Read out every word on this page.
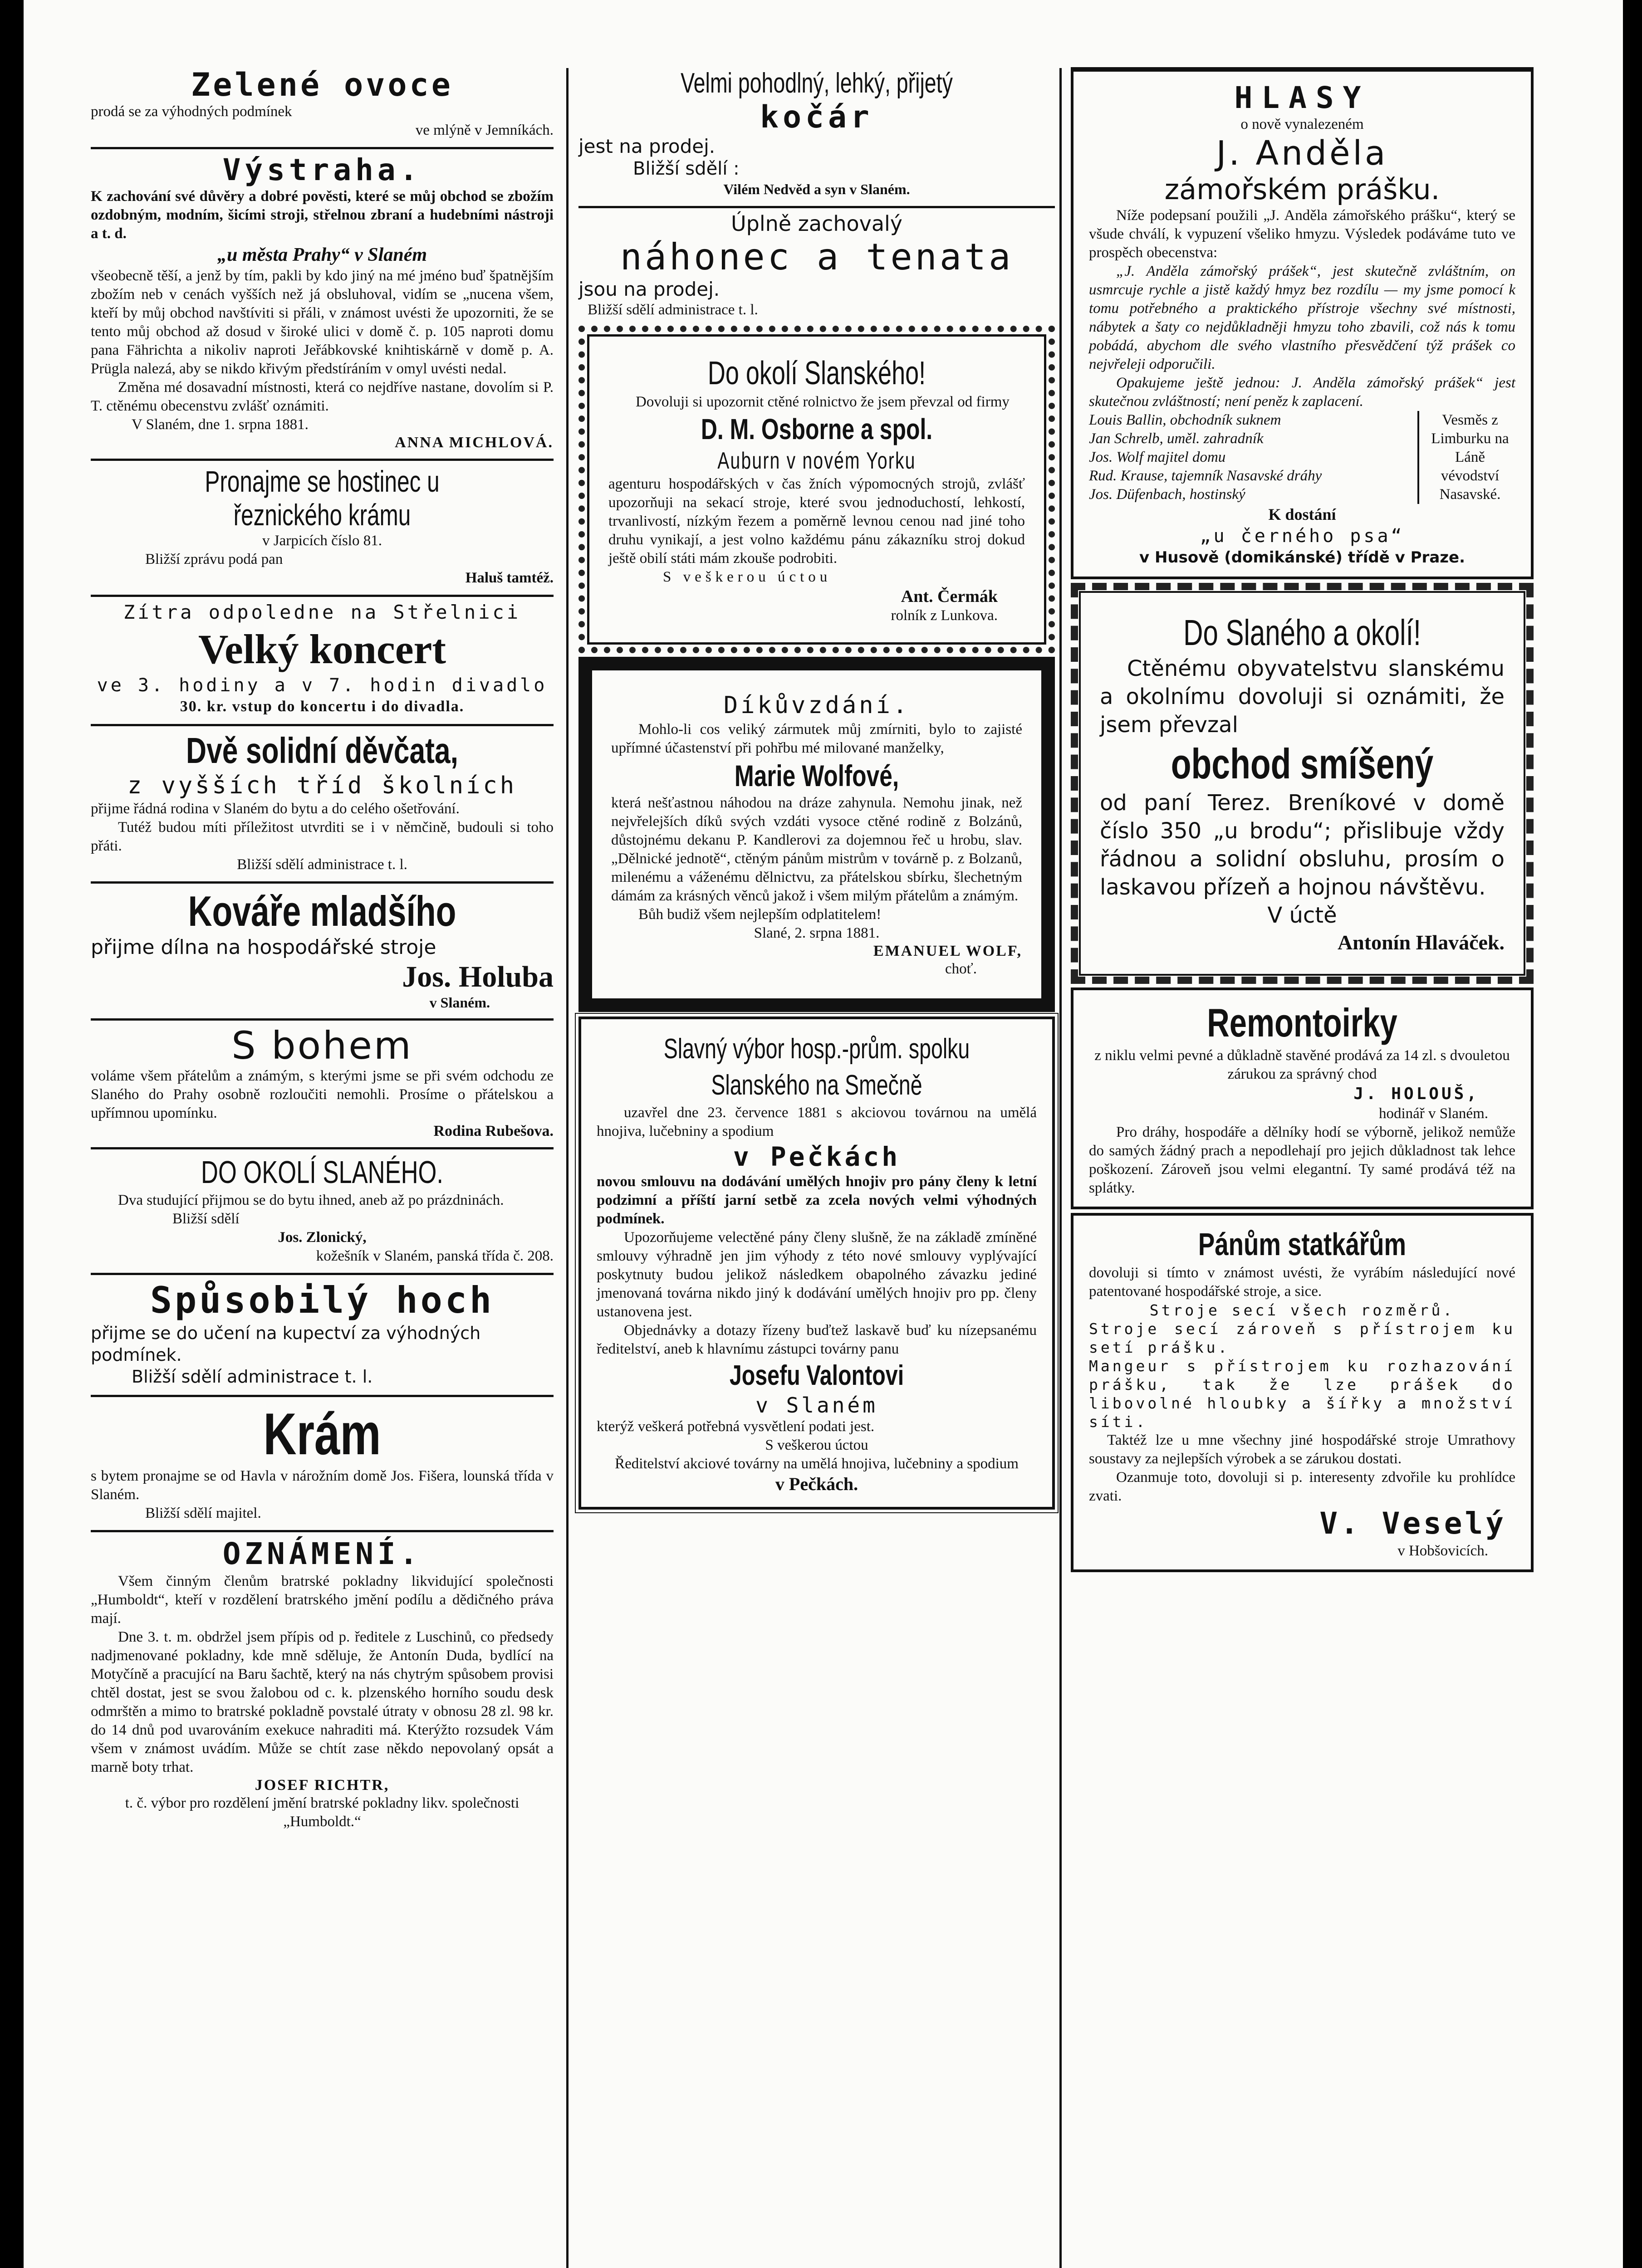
Zelené ovoce

prodá se za výhodných podmínek

ve mlýně v Jemníkách.

Výstraha.

K zachování své důvěry a dobré pověsti, které se můj obchod se zbožím ozdobným, modním, šicími stroji, střelnou zbraní a hudebními nástroji a t. d.

„u města Prahy“ v Slaném

všeobecně těší, a jenž by tím, pakli by kdo jiný na mé jméno buď špatnějším zbožím neb v cenách vyšších než já obsluhoval, vidím se „nucena všem, kteří by můj obchod navštíviti si přáli, v známost uvésti že upozorniti, že se tento můj obchod až dosud v široké ulici v domě č. p. 105 naproti domu pana Fährichta a nikoliv naproti Jeřábkovské knihtiskárně v domě p. A. Prügla nalezá, aby se nikdo křivým předstíráním v omyl uvésti nedal.

Změna mé dosavadní místnosti, která co nejdříve nastane, dovolím si P. T. ctěnému obecenstvu zvlášť oznámiti.

V Slaném, dne 1. srpna 1881.

ANNA MICHLOVÁ.

Pronajme se hostinec u řeznického krámu

v Jarpicích číslo 81.

Bližší zprávu podá pan

Haluš tamtéž.

Zítra odpoledne na Střelnici

Velký koncert

ve 3. hodiny a v 7. hodin divadlo

30. kr. vstup do koncertu i do divadla.

Dvě solidní děvčata,

z vyšších tříd školních

přijme řádná rodina v Slaném do bytu a do celého ošetřování.

Tutéž budou míti příležitost utvrditi se i v němčině, budouli si toho přáti.

Bližší sdělí administrace t. l.

Kováře mladšího

přijme dílna na hospodářské stroje

Jos. Holuba

v Slaném.

S bohem

voláme všem přátelům a známým, s kterými jsme se při svém odchodu ze Slaného do Prahy osobně rozloučiti nemohli. Prosíme o přátelskou a upřímnou upomínku.

Rodina Rubešova.

DO OKOLÍ SLANÉHO.

Dva studující přijmou se do bytu ihned, aneb až po prázdninách.

Bližší sdělí

Jos. Zlonický,

kožešník v Slaném, panská třída č. 208.

Spůsobilý hoch

přijme se do učení na kupectví za výhodných podmínek.

Bližší sdělí administrace t. l.

Krám

s bytem pronajme se od Havla v nárožním domě Jos. Fišera, lounská třída v Slaném.

Bližší sdělí majitel.

OZNÁMENÍ.

Všem činným členům bratrské pokladny likvidující společnosti „Humboldt“, kteří v rozdělení bratrského jmění podílu a dědičného práva mají.

Dne 3. t. m. obdržel jsem přípis od p. ředitele z Luschinů, co předsedy nadjmenované pokladny, kde mně sděluje, že Antonín Duda, bydlící na Motyčíně a pracující na Baru šachtě, který na nás chytrým spůsobem provisi chtěl dostat, jest se svou žalobou od c. k. plzenského horního soudu desk odmrštěn a mimo to bratrské pokladně povstalé útraty v obnosu 28 zl. 98 kr. do 14 dnů pod uvarováním exekuce nahraditi má. Kterýžto rozsudek Vám všem v známost uvádím. Může se chtít zase někdo nepovolaný opsát a marně boty trhat.

JOSEF RICHTR,

t. č. výbor pro rozdělení jmění bratrské pokladny likv. společnosti „Humboldt.“

Velmi pohodlný, lehký, přijetý

kočár

jest na prodej.

Bližší sdělí :

Vilém Nedvěd a syn v Slaném.

Úplně zachovalý

náhonec a tenata

jsou na prodej.

Bližší sdělí administrace t. l.

Do okolí Slanského!

Dovoluji si upozornit ctěné rolnictvo že jsem převzal od firmy

D. M. Osborne a spol.

Auburn v novém Yorku

agenturu hospodářských v čas žních výpomocných strojů, zvlášť upozorňuji na sekací stroje, které svou jednoduchostí, lehkostí, trvanlivostí, nízkým řezem a poměrně levnou cenou nad jiné toho druhu vynikají, a jest volno každému pánu zákazníku stroj dokud ještě obilí státi mám zkouše podrobiti.

S veškerou úctou

Ant. Čermák

rolník z Lunkova.

Díkůvzdání.

Mohlo-li cos veliký zármutek můj zmírniti, bylo to zajisté upřímné účastenství při pohřbu mé milované manželky,

Marie Wolfové,

která nešťastnou náhodou na dráze zahynula. Nemohu jinak, než nejvřelejších díků svých vzdáti vysoce ctěné rodině z Bolzánů, důstojnému dekanu P. Kandlerovi za dojemnou řeč u hrobu, slav. „Dělnické jednotě“, ctěným pánům mistrům v továrně p. z Bolzanů, milenému a váženému dělnictvu, za přátelskou sbírku, šlechetným dámám za krásných věnců jakož i všem milým přátelům a známým.

Bůh budiž všem nejlepším odplatitelem!

Slané, 2. srpna 1881.

EMANUEL WOLF,

choť.

Slavný výbor hosp.-prům. spolku Slanského na Smečně

uzavřel dne 23. července 1881 s akciovou továrnou na umělá hnojiva, lučebniny a spodium

v Pečkách

novou smlouvu na dodávání umělých hnojiv pro pány členy k letní podzimní a příští jarní setbě za zcela nových velmi výhodných podmínek.

Upozorňujeme velectěné pány členy slušně, že na základě zmíněné smlouvy výhradně jen jim výhody z této nové smlouvy vyplývající poskytnuty budou jelikož následkem obapolného závazku jediné jmenovaná továrna nikdo jiný k dodávání umělých hnojiv pro pp. členy ustanovena jest.

Objednávky a dotazy řízeny buďtež laskavě buď ku nízepsanému ředitelství, aneb k hlavnímu zástupci továrny panu

Josefu Valontovi

v Slaném

kterýž veškerá potřebná vysvětlení podati jest.

S veškerou úctou

Ředitelství akciové továrny na umělá hnojiva, lučebniny a spodium

v Pečkách.

HLASY

o nově vynalezeném

J. Anděla

zámořském prášku.

Níže podepsaní použili „J. Anděla zámořského prášku“, který se všude chválí, k vypuzení všeliko hmyzu. Výsledek podáváme tuto ve prospěch obecenstva:

„J. Anděla zámořský prášek“, jest skutečně zvláštním, on usmrcuje rychle a jistě každý hmyz bez rozdílu — my jsme pomocí k tomu potřebného a praktického přístroje všechny své místnosti, nábytek a šaty co nejdůkladněji hmyzu toho zbavili, což nás k tomu pobádá, abychom dle svého vlastního přesvědčení týž prášek co nejvřeleji odporučili.

Opakujeme ještě jednou: J. Anděla zámořský prášek“ jest skutečnou zvláštností; není peněz k zaplacení.

Louis Ballin, obchodník suknem

Jan Schrelb, uměl. zahradník

Jos. Wolf majitel domu

Rud. Krause, tajemník Nasavské dráhy

Jos. Düfenbach, hostinský

Vesměs z Limburku na Láně vévodství Nasavské.

K dostání

„u černého psa“

v Husově (domikánské) třídě v Praze.

Do Slaného a okolí!

Ctěnému obyvatelstvu slanskému a okolnímu dovoluji si oznámiti, že jsem převzal

obchod smíšený

od paní Terez. Breníkové v domě číslo 350 „u brodu“; přislibuje vždy řádnou a solidní obsluhu, prosím o laskavou přízeň a hojnou návštěvu.

V úctě

Antonín Hlaváček.

Remontoirky

z niklu velmi pevné a důkladně stavěné prodává za 14 zl. s dvouletou zárukou za správný chod

J. HOLOUŠ,

hodinář v Slaném.

Pro dráhy, hospodáře a dělníky hodí se výborně, jelikož nemůže do samých žádný prach a nepodlehají pro jejich důkladnost tak lehce poškození. Zároveň jsou velmi elegantní. Ty samé prodává též na splátky.

Pánům statkářům

dovoluji si tímto v známost uvésti, že vyrábím následující nové patentované hospodářské stroje, a sice.

Stroje secí všech rozměrů.

Stroje secí zároveň s přístrojem ku setí prášku.

Mangeur s přístrojem ku rozhazování prášku, tak že lze prášek do libovolné hloubky a šířky a množství síti.

Taktéž lze u mne všechny jiné hospodářské stroje Umrathovy soustavy za nejlepších výrobek a se zárukou dostati.

Ozanmuje toto, dovoluji si p. interesenty zdvořile ku prohlídce zvati.

V. Veselý

v Hobšovicích.
